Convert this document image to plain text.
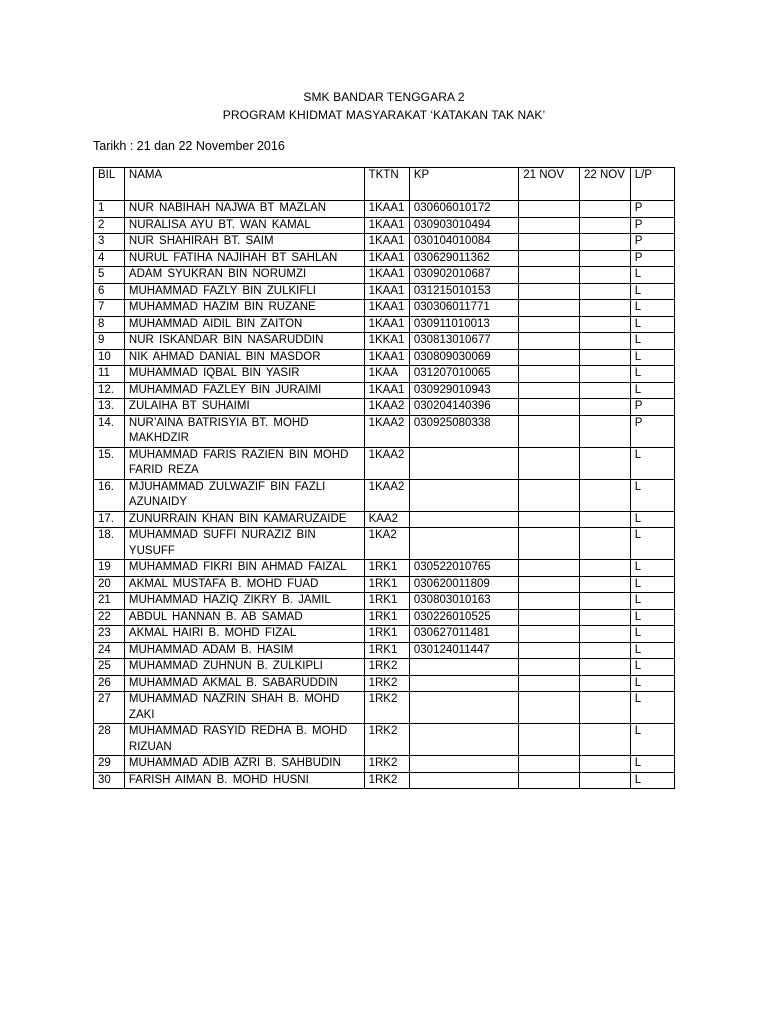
SMK BANDAR TENGGARA 2
PROGRAM KHIDMAT MASYARAKAT ‘KATAKAN TAK NAK’
Tarikh : 21 dan 22 November 2016
BIL	NAMA	TKTN	KP	21 NOV	22 NOV	L/P
1	NUR NABIHAH NAJWA BT MAZLAN	1KAA1	030606010172			P
2	NURALISA AYU BT. WAN KAMAL	1KAA1	030903010494			P
3	NUR SHAHIRAH BT. SAIM	1KAA1	030104010084			P
4	NURUL FATIHA NAJIHAH BT SAHLAN	1KAA1	030629011362			P
5	ADAM SYUKRAN BIN NORUMZI	1KAA1	030902010687			L
6	MUHAMMAD FAZLY BIN ZULKIFLI	1KAA1	031215010153			L
7	MUHAMMAD HAZIM BIN RUZANE	1KAA1	030306011771			L
8	MUHAMMAD AIDIL BIN ZAITON	1KAA1	030911010013			L
9	NUR ISKANDAR BIN NASARUDDIN	1KKA1	030813010677			L
10	NIK AHMAD DANIAL BIN MASDOR	1KAA1	030809030069			L
11	MUHAMMAD IQBAL BIN YASIR	1KAA	031207010065			L
12.	MUHAMMAD FAZLEY BIN JURAIMI	1KAA1	030929010943			L
13.	ZULAIHA BT SUHAIMI	1KAA2	030204140396			P
14.	NUR’AINA BATRISYIA BT. MOHD MAKHDZIR	1KAA2	030925080338			P
15.	MUHAMMAD FARIS RAZIEN BIN MOHD FARID REZA	1KAA2				L
16.	MJUHAMMAD ZULWAZIF BIN FAZLI AZUNAIDY	1KAA2				L
17.	ZUNURRAIN KHAN BIN KAMARUZAIDE	KAA2				L
18.	MUHAMMAD SUFFI NURAZIZ BIN YUSUFF	1KA2				L
19	MUHAMMAD FIKRI BIN AHMAD FAIZAL	1RK1	030522010765			L
20	AKMAL MUSTAFA B. MOHD FUAD	1RK1	030620011809			L
21	MUHAMMAD HAZIQ ZIKRY B. JAMIL	1RK1	030803010163			L
22	ABDUL HANNAN B. AB SAMAD	1RK1	030226010525			L
23	AKMAL HAIRI B. MOHD FIZAL	1RK1	030627011481			L
24	MUHAMMAD ADAM B. HASIM	1RK1	030124011447			L
25	MUHAMMAD ZUHNUN B. ZULKIPLI	1RK2				L
26	MUHAMMAD AKMAL B. SABARUDDIN	1RK2				L
27	MUHAMMAD NAZRIN SHAH B. MOHD ZAKI	1RK2				L
28	MUHAMMAD RASYID REDHA B. MOHD RIZUAN	1RK2				L
29	MUHAMMAD ADIB AZRI B. SAHBUDIN	1RK2				L
30	FARISH AIMAN B. MOHD HUSNI	1RK2				L
